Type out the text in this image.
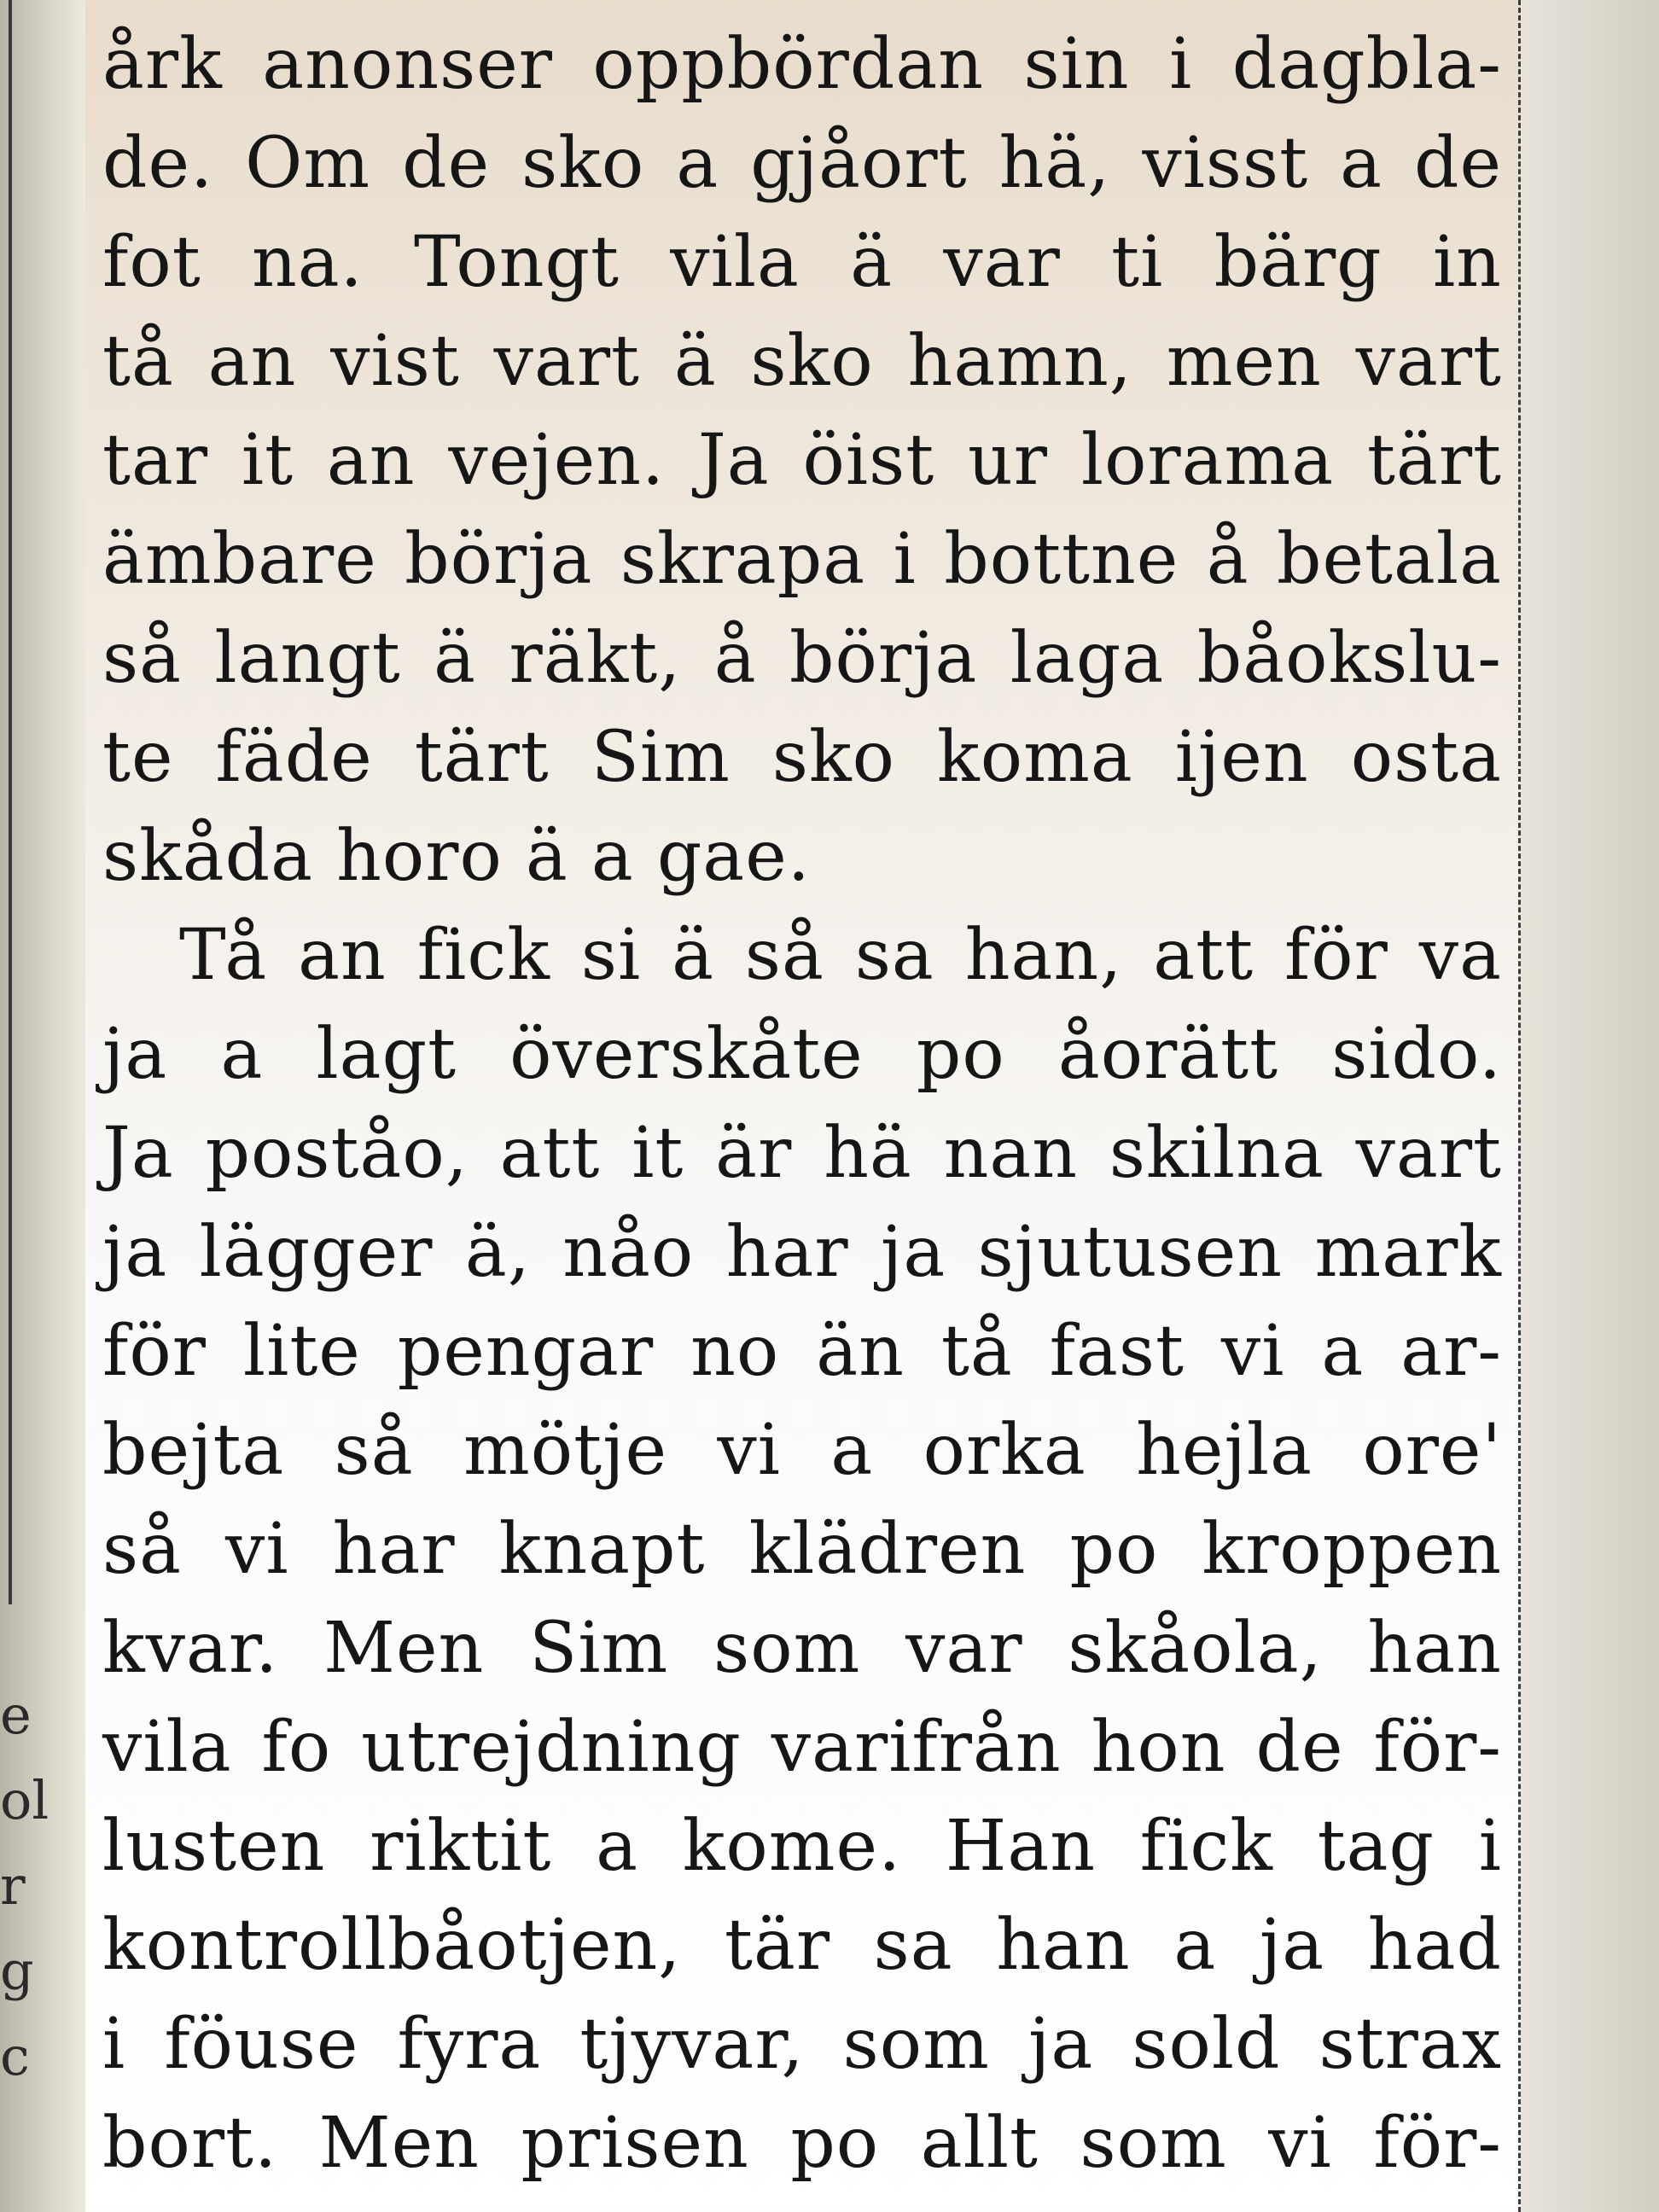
e
ol
r
g
c
årk anonser oppbördan sin i dagbla-
de. Om de sko a gjåort hä, visst a de
fot na. Tongt vila ä var ti bärg in
tå an vist vart ä sko hamn, men vart
tar it an vejen. Ja öist ur lorama tärt
ämbare börja skrapa i bottne å betala
så langt ä räkt, å börja laga båokslu-
te fäde tärt Sim sko koma ijen osta
skåda horo ä a gae.
Tå an fick si ä så sa han, att för va
ja a lagt överskåte po åorätt sido.
Ja poståo, att it är hä nan skilna vart
ja lägger ä, nåo har ja sjutusen mark
för lite pengar no än tå fast vi a ar-
bejta så mötje vi a orka hejla ore'
så vi har knapt klädren po kroppen
kvar. Men Sim som var skåola, han
vila fo utrejdning varifrån hon de för-
lusten riktit a kome. Han fick tag i
kontrollbåotjen, tär sa han a ja had
i föuse fyra tjyvar, som ja sold strax
bort. Men prisen po allt som vi för-
